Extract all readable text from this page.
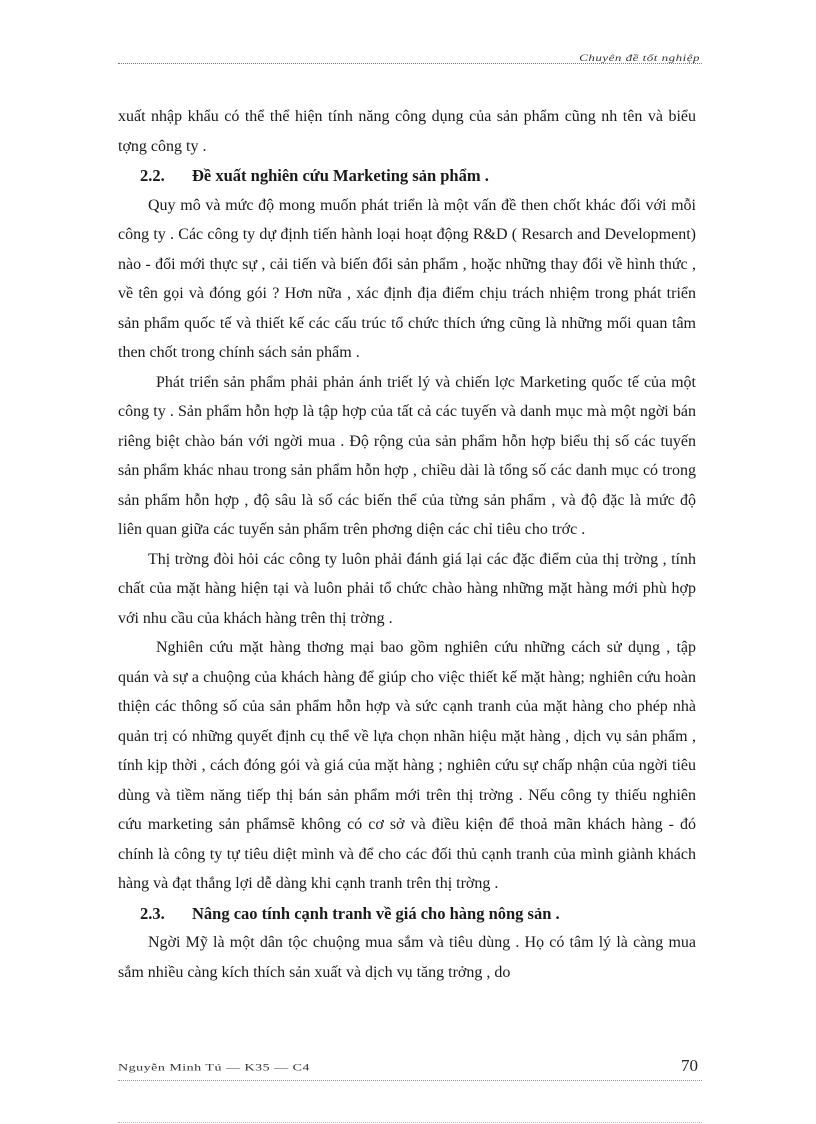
Chuyên đề tốt nghiệp

xuất nhập khẩu có thể thể hiện tính năng công dụng của sản phẩm cũng nh tên và biểu tợng công ty .

2.2. Đề xuất nghiên cứu Marketing sản phẩm .

Quy mô và mức độ mong muốn phát triển là một vấn đề then chốt khác đối với mỗi công ty . Các công ty dự định tiến hành loại hoạt động R&D ( Resarch and Development) nào - đổi mới thực sự , cải tiến và biến đổi sản phẩm , hoặc những thay đổi về hình thức , về tên gọi và đóng gói ? Hơn nữa , xác định địa điểm chịu trách nhiệm trong phát triển sản phẩm quốc tế và thiết kế các cấu trúc tổ chức thích ứng cũng là những mối quan tâm then chốt trong chính sách sản phẩm .

Phát triển sản phẩm phải phản ánh triết lý và chiến lợc Marketing quốc tế của một công ty . Sản phẩm hỗn hợp là tập hợp của tất cả các tuyến và danh mục mà một ngời bán riêng biệt chào bán với ngời mua . Độ rộng của sản phẩm hỗn hợp biểu thị số các tuyến sản phẩm khác nhau trong sản phẩm hỗn hợp , chiều dài là tổng số các danh mục có trong sản phẩm hỗn hợp , độ sâu là số các biến thể của từng sản phẩm , và độ đặc là mức độ liên quan giữa các tuyến sản phẩm trên phơng diện các chỉ tiêu cho trớc .

Thị trờng đòi hỏi các công ty luôn phải đánh giá lại các đặc điểm của thị trờng , tính chất của mặt hàng hiện tại và luôn phải tổ chức chào hàng những mặt hàng mới phù hợp với nhu cầu của khách hàng trên thị trờng .

Nghiên cứu mặt hàng thơng mại bao gồm nghiên cứu những cách sử dụng , tập quán và sự a chuộng của khách hàng để giúp cho việc thiết kế mặt hàng; nghiên cứu hoàn thiện các thông số của sản phẩm hỗn hợp và sức cạnh tranh của mặt hàng cho phép nhà quản trị có những quyết định cụ thể về lựa chọn nhãn hiệu mặt hàng , dịch vụ sản phẩm , tính kịp thời , cách đóng gói và giá của mặt hàng ; nghiên cứu sự chấp nhận của ngời tiêu dùng và tiềm năng tiếp thị bán sản phẩm mới trên thị trờng . Nếu công ty thiếu nghiên cứu marketing sản phẩmsẽ không có cơ sở và điều kiện để thoả mãn khách hàng - đó chính là công ty tự tiêu diệt mình và để cho các đối thủ cạnh tranh của mình giành khách hàng và đạt thắng lợi dễ dàng khi cạnh tranh trên thị trờng .

2.3. Nâng cao tính cạnh tranh về giá cho hàng nông sản .

Ngời Mỹ là một dân tộc chuộng mua sắm và tiêu dùng . Họ có tâm lý là càng mua sắm nhiều càng kích thích sản xuất và dịch vụ tăng trởng , do

Nguyễn Minh Tú — K35 — C4	70
